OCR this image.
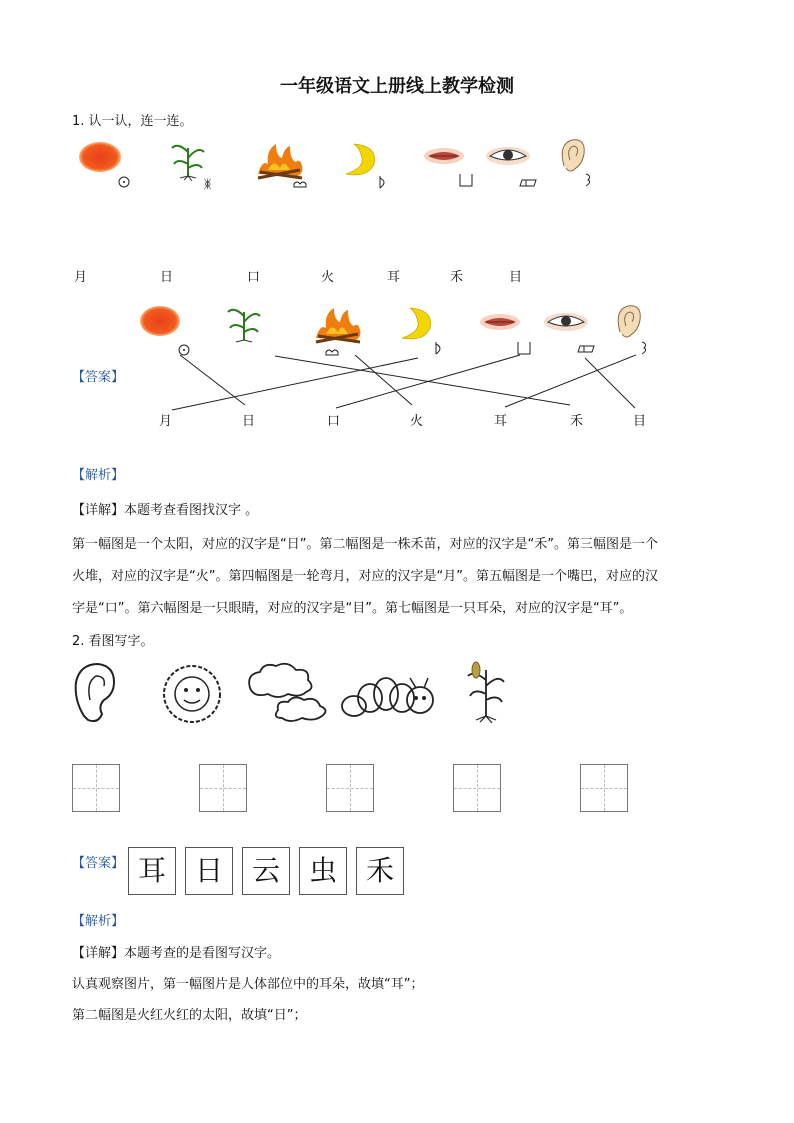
一年级语文上册线上教学检测
1. 认一认，连一连。
ᛤ
月	日	口	火	耳	禾	目
【答案】
月	日	口	火	耳	禾	目
【解析】
【详解】本题考查看图找汉字 。
第一幅图是一个太阳，对应的汉字是“日”。第二幅图是一株禾苗，对应的汉字是“禾”。第三幅图是一个
火堆，对应的汉字是“火”。第四幅图是一轮弯月，对应的汉字是“月”。第五幅图是一个嘴巴，对应的汉
字是“口”。第六幅图是一只眼睛，对应的汉字是“目”。第七幅图是一只耳朵，对应的汉字是“耳”。
2. 看图写字。
【答案】 耳	日	云	虫	禾
【解析】
【详解】本题考查的是看图写汉字。
认真观察图片，第一幅图片是人体部位中的耳朵，故填“耳”；
第二幅图是火红火红的太阳，故填“日”；
